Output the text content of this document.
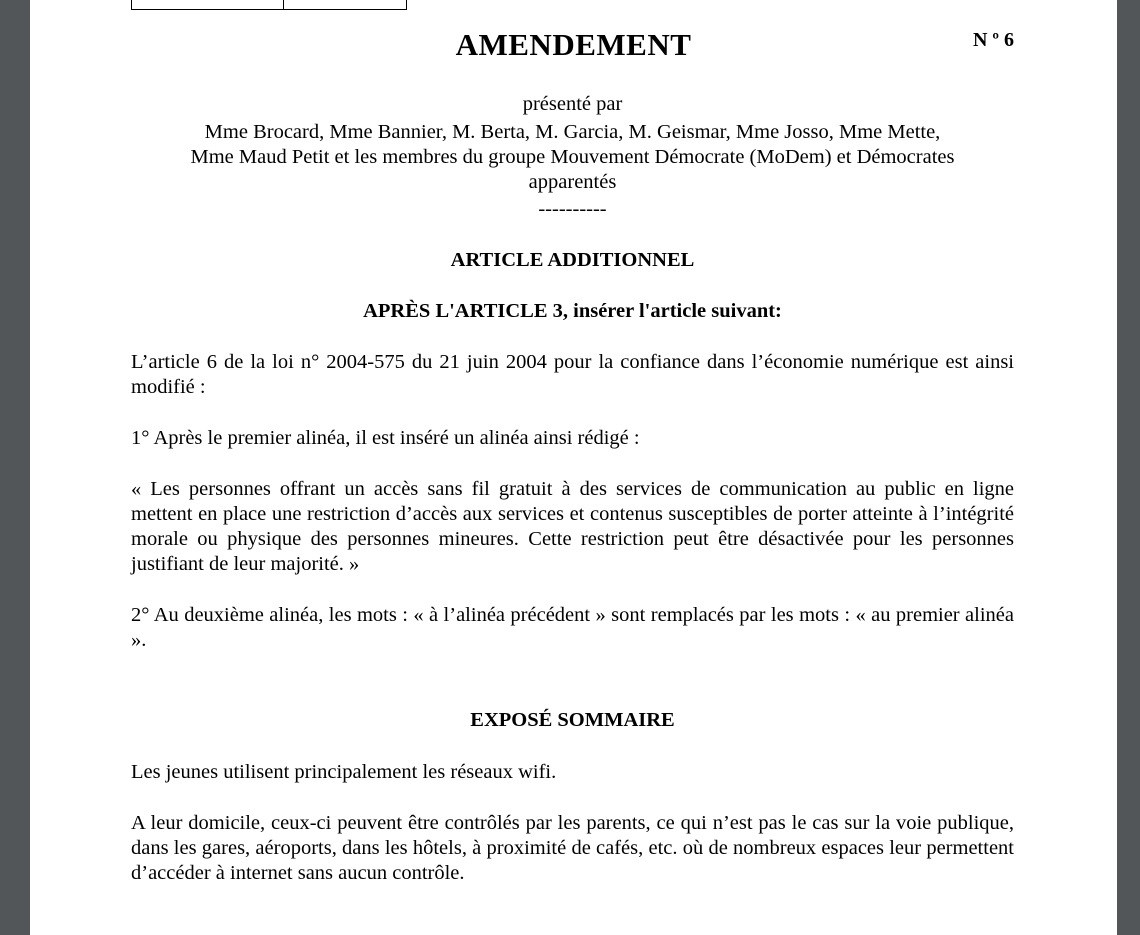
AMENDEMENT	N º 6
présenté par
Mme Brocard, Mme Bannier, M. Berta, M. Garcia, M. Geismar, Mme Josso, Mme Mette,
Mme Maud Petit et les membres du groupe Mouvement Démocrate (MoDem) et Démocrates
apparentés
----------
ARTICLE ADDITIONNEL
APRÈS L'ARTICLE 3, insérer l'article suivant:
L’article 6 de la loi n° 2004-575 du 21 juin 2004 pour la confiance dans l’économie numérique est ainsi modifié :
1° Après le premier alinéa, il est inséré un alinéa ainsi rédigé :
« Les personnes offrant un accès sans fil gratuit à des services de communication au public en ligne mettent en place une restriction d’accès aux services et contenus susceptibles de porter atteinte à l’intégrité morale ou physique des personnes mineures. Cette restriction peut être désactivée pour les personnes justifiant de leur majorité. »
2° Au deuxième alinéa, les mots : « à l’alinéa précédent » sont remplacés par les mots : « au premier alinéa ».
EXPOSÉ SOMMAIRE
Les jeunes utilisent principalement les réseaux wifi.
A leur domicile, ceux-ci peuvent être contrôlés par les parents, ce qui n’est pas le cas sur la voie publique, dans les gares, aéroports, dans les hôtels, à proximité de cafés, etc. où de nombreux espaces leur permettent d’accéder à internet sans aucun contrôle.
